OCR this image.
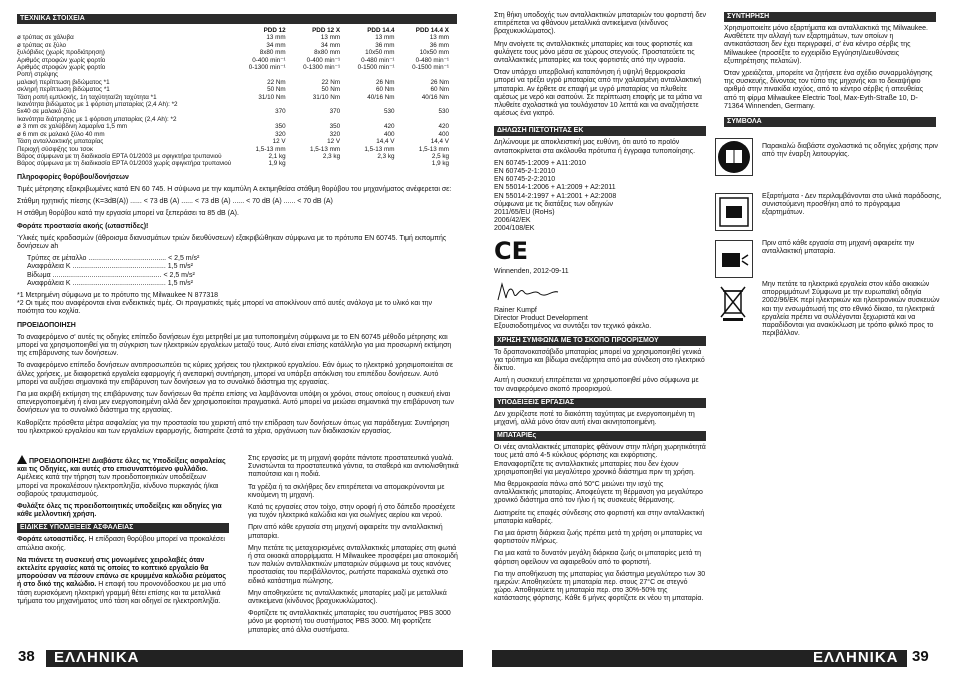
ΤΕΧΝΙΚΑ ΣΤΟΙΧΕΙΑ
	PDD 12	PDD 12 X	PDD 14.4	PDD 14.4 X
ø τρύπας σε χάλυβα	13 mm	13 mm	13 mm	13 mm
ø τρύπας σε ξύλο	34 mm	34 mm	36 mm	36 mm
ξυλόβιδες (χωρίς προδιάτρηση)	8x80 mm	8x80 mm	10x50 mm	10x50 mm
Αριθμός στροφών χωρίς φορτίο	0-400 min⁻¹	0-400 min⁻¹	0-480 min⁻¹	0-480 min⁻¹
Αριθμός στροφών χωρίς φορτίο	0-1300 min⁻¹	0-1300 min⁻¹	0-1500 min⁻¹	0-1500 min⁻¹
Ροπή στρέψης				
μαλακή περίπτωση βιδώματος *1	22 Nm	22 Nm	26 Nm	26 Nm
σκληρή περίπτωση βιδώματος *1	50 Nm	50 Nm	60 Nm	60 Nm
Τάση ροπή εμπλοκής, 1η ταχύτητα/2η ταχύτητα *1	31/10 Nm	31/10 Nm	40/16 Nm	40/16 Nm
Ικανότητα βιδώματος με 1 φόρτιση μπαταρίας (2,4 Ah): *2				
5x40 σε μαλακό ξύλο	370	370	530	530
Ικανότητα διάτρησης με 1 φόρτιση μπαταρίας (2,4 Ah): *2				
ø 3 mm σε χαλύβδινη λαμαρίνα 1,5 mm	350	350	420	420
ø 6 mm σε μαλακό ξύλο 40 mm	320	320	400	400
Τάση ανταλλακτικής μπαταρίας	12 V	12 V	14,4 V	14,4 V
Περιοχή σύσφιξης του τσοκ	1,5-13 mm	1,5-13 mm	1,5-13 mm	1,5-13 mm
Βάρος σύμφωνα με τη διαδικασία EPTA 01/2003 με σφιγκτήρα τρυπανιού	2,1 kg	2,3 kg	2,3 kg	2,5 kg
Βάρος σύμφωνα με τη διαδικασία EPTA 01/2003 χωρίς σφιγκτήρα τρυπανιού	1,9 kg			1,9 kg

Πληροφορίες θορύβου/δονήσεων

Τιμές μέτρησης εξακριβωμένες κατά EN 60 745. Η σύψωνα με την καμπύλη A εκτιμηθείσα στάθμη θορύβου του μηχανήματος ανέφερεται σε:

Στάθμη ηχητικής πίεσης (K=3dB(A)) ...... < 73 dB (A) ...... < 73 dB (A) ...... < 70 dB (A) ...... < 70 dB (A)

Η στάθμη θορύβου κατά την εργασία μπορεί να ξεπεράσει τα 85 dB (A).

Φοράτε προστασία ακοής (ωτασπίδες)!

Ύλικές τιμές κραδασμών (άθροισμα διανυσμάτων τριών διευθύνσεων) εξακριβώθηκαν σύμφωνα με το πρότυπα EN 60745. Τιμή εκπομπής δονήσεων ah

Τρύπες σε μέταλλο ........................................ < 2,5 m/s²
Αναφράλεια K ................................................ 1,5 m/s²
Βίδωμα ........................................................ < 2,5 m/s²
Αναφράλεια K ................................................ 1,5 m/s²

*1 Μετρημένη σύμφωνα με το πρότυπο της Milwaukee N 877318

*2 Οι τιμές που αναφέρονται είναι ενδεικτικές τιμές. Οι πραγματικές τιμές μπορεί να αποκλίνουν από αυτές ανάλογα με το υλικό και την ποιότητα του κοχλία.

ΠΡΟΕΙΔΟΠΟΙΗΣΗ

Το αναφερόμενο σ' αυτές τις οδηγίες επίπεδο δονήσεων έχει μετρηθεί με μια τυποποιημένη σύμφωνα με το EN 60745 μέθοδο μέτρησης και μπορεί να χρησιμοποιηθεί για τη σύγκριση των ηλεκτρικών εργαλείων μεταξύ τους. Αυτό είναι επίσης κατάλληλο για μια προσωρινή εκτίμηση της επιβάρυνσης των δονήσεων.

Το αναφερόμενο επίπεδο δονήσεων αντιπροσωπεύει τις κύριες χρήσεις του ηλεκτρικού εργαλείου. Εάν όμως το ηλεκτρικό χρησιμοποιείται σε άλλες χρήσεις, με διαφορετικά εργαλεία εφαρμογής ή ανεπαρκή συντήρηση, μπορεί να υπάρξει απόκλιση του επιπέδου δονήσεων. Αυτό μπορεί να αυξήσει σημαντικά την επιβάρυνση των δονήσεων για το συνολικό διάστημα της εργασίας.

Για μια ακριβή εκτίμηση της επιβάρυνσης των δονήσεων θα πρέπει επίσης να λαμβάνονται υπόψη οι χρόνοι, στους οποίους η συσκευή είναι απενεργοποιημένη ή είναι μεν ενεργοποιημένη αλλά δεν χρησιμοποιείται πραγματικά. Αυτό μπορεί να μειώσει σημαντικά την επιβάρυνση των δονήσεων για το συνολικό διάστημα της εργασίας.

Καθορίζετε πρόσθετα μέτρα ασφαλείας για την προστασία του χειριστή από την επίδραση των δονήσεων όπως για παράδειγμα: Συντήρηση του ηλεκτρικού εργαλείου και των εργαλείων εφαρμογής, διατηρείτε ζεστά τα χέρια, οργάνωση των διαδικασιών εργασίας.

ΠΡΟΕΙΔΟΠΟΙΗΣΗ! Διαβάστε όλες τις Υποδείξεις ασφαλείας και τις Οδηγίες, και αυτές στο επισυναπτόμενο φυλλάδιο. Αμέλειες κατά την τήρηση των προειδοποιητικών υποδείξεων μπορεί να προκαλέσουν ηλεκτροπληξία, κίνδυνο πυρκαγιάς ή/και σοβαρούς τραυματισμούς.

Φυλάξτε όλες τις προειδοποιητικές υποδείξεις και οδηγίες για κάθε μελλοντική χρήση.

ΕΙΔΙΚΕΣ ΥΠΟΔΕΙΞΕΙΣ ΑΣΦΑΛΕΙΑΣ

Φοράτε ωτοασπίδες. Η επίδραση θορύβου μπορεί να προκαλέσει απώλεια ακοής.

Να πιάνετε τη συσκευή στις μονωμένες χειρολαβές όταν εκτελείτε εργασίες κατά τις οποίες το κοπτικό εργαλείο θα μπορούσαν να πέσουν επάνω σε κρυμμένα καλώδια ρεύματος ή στο δικό της καλώδιο. Η επαφή του προνονόδοσκου με μια υπό τάση ευρισκόμενη ηλεκτρική γραμμή θέτει επίσης και τα μεταλλικά τμήματα του μηχανήματος υπό τάση και οδηγεί σε ηλεκτροπληξία.

Στις εργασίες με τη μηχανή φοράτε πάντοτε προστατευτικά γυαλιά. Συνιστώνται τα προστατευτικά γάντια, τα σταθερά και αντιολισθητικά παπούτσια και η ποδιά.

Τα γρέζια ή τα σκλήθρες δεν επιτρέπεται να απομακρύνονται με κινούμενη τη μηχανή.

Κατά τις εργασίες στον τοίχο, στην οροφή ή στο δάπεδο προσέχετε για τυχόν ηλεκτρικά καλώδια και για σωλήνες αερίου και νερού.

Πριν από κάθε εργασία στη μηχανή αφαιρείτε την ανταλλακτική μπαταρία.

Μην πετάτε τις μεταχειρισμένες ανταλλακτικές μπαταρίες στη φωτιά ή στα οικιακά απορρίμματα. Η Milwaukee προσφέρει μια αποκομιδή των παλιών ανταλλακτικών μπαταριών σύμφωνα με τους κανόνες προστασίας του περιβάλλοντος, ρωτήστε παρακαλώ σχετικά στο ειδικό κατάστημα πώλησης.

Μην αποθηκεύετε τις ανταλλακτικές μπαταρίες μαζί με μεταλλικά αντικείμενα (κίνδυνος βραχυκυκλώματος).

Φορτίζετε τις ανταλλακτικές μπαταρίες του συστήματος PBS 3000 μόνο με φορτιστή του συστήματος PBS 3000. Μη φορτίζετε μπαταρίες από άλλα συστήματα.

38 ΕΛΛΗΝΙΚΑ

Στη θήκη υποδοχής των ανταλλακτικών μπαταριών του φορτιστή δεν επιτρέπεται να φθάνουν μεταλλικά αντικείμενα (κίνδυνος βραχυκυκλώματος).

Μην ανοίγετε τις ανταλλακτικές μπαταρίες και τους φορτιστές και φυλάγετε τους μόνο μέσα σε χώρους στεγνούς. Προστατεύετε τις ανταλλακτικές μπαταρίες και τους φορτιστές από την υγρασία.

Όταν υπάρχει υπερβολική καταπόνηση ή υψηλή θερμοκρασία μπορεί να τρέξει υγρό μπαταρίας από την χαλασμένη ανταλλακτική μπαταρία. Αν έρθετε σε επαφή με υγρό μπαταρίας να πλυθείτε αμέσως με νερό και σαπούνι. Σε περίπτωση επαφής με τα μάτια να πλυθείτε σχολαστικά για τουλάχιστον 10 λεπτά και να αναζητήσετε αμέσως ένα γιατρό.

ΔΗΛΩΣΗ ΠΙΣΤΟΤΗΤΑΣ ΕΚ

Δηλώνουμε με αποκλειστική μας ευθύνη, ότι αυτό το προϊόν ανταποκρίνεται στα ακόλουθα πρότυπα ή έγγραφα τυποποίησης.

EN 60745-1:2009 + A11:2010
EN 60745-2-1:2010
EN 60745-2-2:2010
EN 55014-1:2006 + A1:2009 + A2:2011
EN 55014-2:1997 + A1:2001 + A2:2008
σύμφωνα με τις διατάξεις των οδηγιών
2011/65/EU (RoHs)
2006/42/EK
2004/108/EK
CE

Winnenden, 2012-09-11

Rainer Kumpf
Director Product Development

Εξουσιοδοτημένος να συντάξει τον τεχνικό φάκελο.

ΧΡΗΣΗ ΣΥΜΦΩΝΑ ΜΕ ΤΟ ΣΚΟΠΟ ΠΡΟΟΡΙΣΜΟΥ

Το δραπανοκατσάβιδο μπαταρίας μπορεί να χρησιμοποιηθεί γενικά για τρύπημα και βίδωμα ανεξάρτητα από μια σύνδεση στο ηλεκτρικό δίκτυο.

Αυτή η συσκευή επιτρέπεται να χρησιμοποιηθεί μόνο σύμφωνα με τον αναφερόμενο σκοπό προορισμού.

ΥΠΟΔΕΙΞΕΙΣ ΕΡΓΑΣΙΑΣ

Δεν χειρίζεστε ποτέ το διακόπτη ταχύτητας με ενεργοποιημένη τη μηχανή, αλλά μόνο όταν αυτή είναι ακινητοποιημένη.

ΜΠΑΤΑΡΙΕς

Οι νέες ανταλλακτικές μπαταρίες φθάνουν στην πλήρη χωρητικότητά τους μετά από 4-5 κύκλους φόρτισης και εκφόρτισης. Επαναφορτίζετε τις ανταλλακτικές μπαταρίες που δεν έχουν χρησιμοποιηθεί για μεγαλύτερο χρονικό διάστημα πριν τη χρήση.

Μια θερμοκρασία πάνω από 50°C μειώνει την ισχύ της ανταλλακτικής μπαταρίας. Αποφεύγετε τη θέρμανση για μεγαλύτερο χρονικό διάστημα από τον ήλιο ή τις συσκευές θέρμανσης.

Διατηρείτε τις επαφές σύνδεσης στο φορτιστή και στην ανταλλακτική μπαταρία καθαρές.

Για μια άριστη διάρκεια ζωής πρέπει μετά τη χρήση οι μπαταρίες να φορτιστούν πλήρως.

Για μια κατά το δυνατόν μεγάλη διάρκεια ζωής οι μπαταρίες μετά τη φόρτιση οφείλουν να αφαιρεθούν από το φορτιστή.

Για την αποθήκευση της μπαταρίας για διάστημα μεγαλύτερο των 30 ημερών: Αποθηκεύετε τη μπαταρία περ. στους 27°C σε στεγνό χώρο. Αποθηκεύετε τη μπαταρία περ. στο 30%-50% της κατάστασης φόρτισης. Κάθε 6 μήνες φορτίζετε εκ νέου τη μπαταρία.

ΣΥΝΤΗΡΗΣΗ

Χρησιμοποιείτε μόνο εξαρτήματα και ανταλλακτικά της Milwaukee. Αναθέτετε την αλλαγή των εξαρτημάτων, των οποίων η αντικατάσταση δεν έχει περιγραφεί, σ' ένα κέντρο σέρβις της Milwaukee (προσέξτε το εγχειρίδιο Εγγύηση/Διευθύνσεις εξυπηρέτησης πελατών).

Όταν χρειάζεται, μπορείτε να ζητήσετε ένα σχέδιο συναρμολόγησης της συσκευής, δίνοντας τον τύπο της μηχανής και το δεκαψήφιο αριθμό στην πινακίδα ισχύος, από το κέντρο σέρβις ή απευθείας από τη φίρμα Milwaukee Electric Tool, Max-Eyth-Straße 10, D-71364 Winnenden, Germany.

ΣΥΜΒΟΛΑ
Παρακαλώ διαβάστε σχολαστικά τις οδηγίες χρήσης πριν από την έναρξη λειτουργίας.
Εξαρτήματα - Δεν περιλαμβάνονται στα υλικά παράδοσης, συνιστούμενη προσθήκη από το πρόγραμμα εξαρτημάτων.
Πριν από κάθε εργασία στη μηχανή αφαιρείτε την ανταλλακτική μπαταρία.
Μην πετάτε τα ηλεκτρικά εργαλεία στον κάδο οικιακών απορριμμάτων! Σύμφωνα με την ευρωπαϊκή οδηγία 2002/96/ΕΚ περί ηλεκτρικών και ηλεκτρονικών συσκευών και την ενσωμάτωσή της στο εθνικό δίκαιο, τα ηλεκτρικά εργαλεία πρέπει να συλλέγονται ξεχωριστά και να παραδίδονται για ανακύκλωση με τρόπο φιλικό προς το περιβάλλον.
ΕΛΛΗΝΙΚΑ 39
